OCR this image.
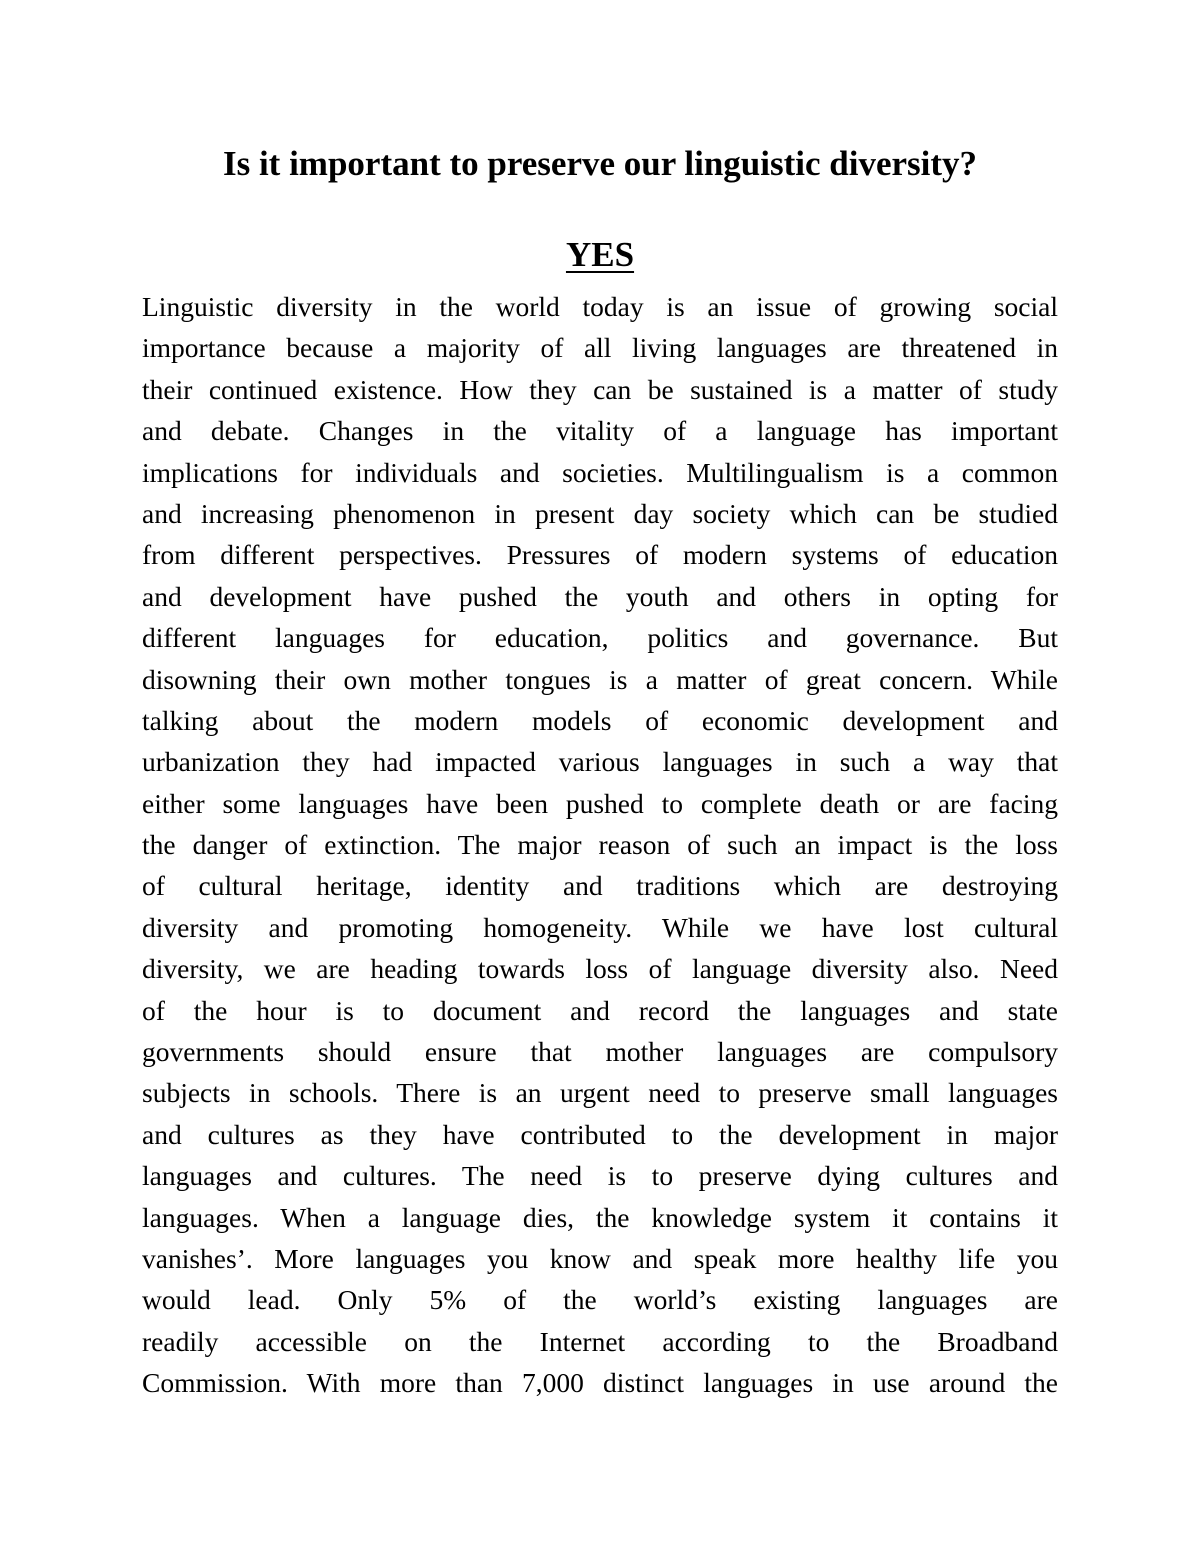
Is it important to preserve our linguistic diversity?
YES
Linguistic diversity in the world today is an issue of growing social
importance because a majority of all living languages are threatened in
their continued existence. How they can be sustained is a matter of study
and debate. Changes in the vitality of a language has important
implications for individuals and societies. Multilingualism is a common
and increasing phenomenon in present day society which can be studied
from different perspectives. Pressures of modern systems of education
and development have pushed the youth and others in opting for
different languages for education, politics and governance. But
disowning their own mother tongues is a matter of great concern. While
talking about the modern models of economic development and
urbanization they had impacted various languages in such a way that
either some languages have been pushed to complete death or are facing
the danger of extinction. The major reason of such an impact is the loss
of cultural heritage, identity and traditions which are destroying
diversity and promoting homogeneity. While we have lost cultural
diversity, we are heading towards loss of language diversity also. Need
of the hour is to document and record the languages and state
governments should ensure that mother languages are compulsory
subjects in schools. There is an urgent need to preserve small languages
and cultures as they have contributed to the development in major
languages and cultures. The need is to preserve dying cultures and
languages. When a language dies, the knowledge system it contains it
vanishes’. More languages you know and speak more healthy life you
would lead. Only 5% of the world’s existing languages are
readily accessible on the Internet according to the Broadband
Commission. With more than 7,000 distinct languages in use around the
